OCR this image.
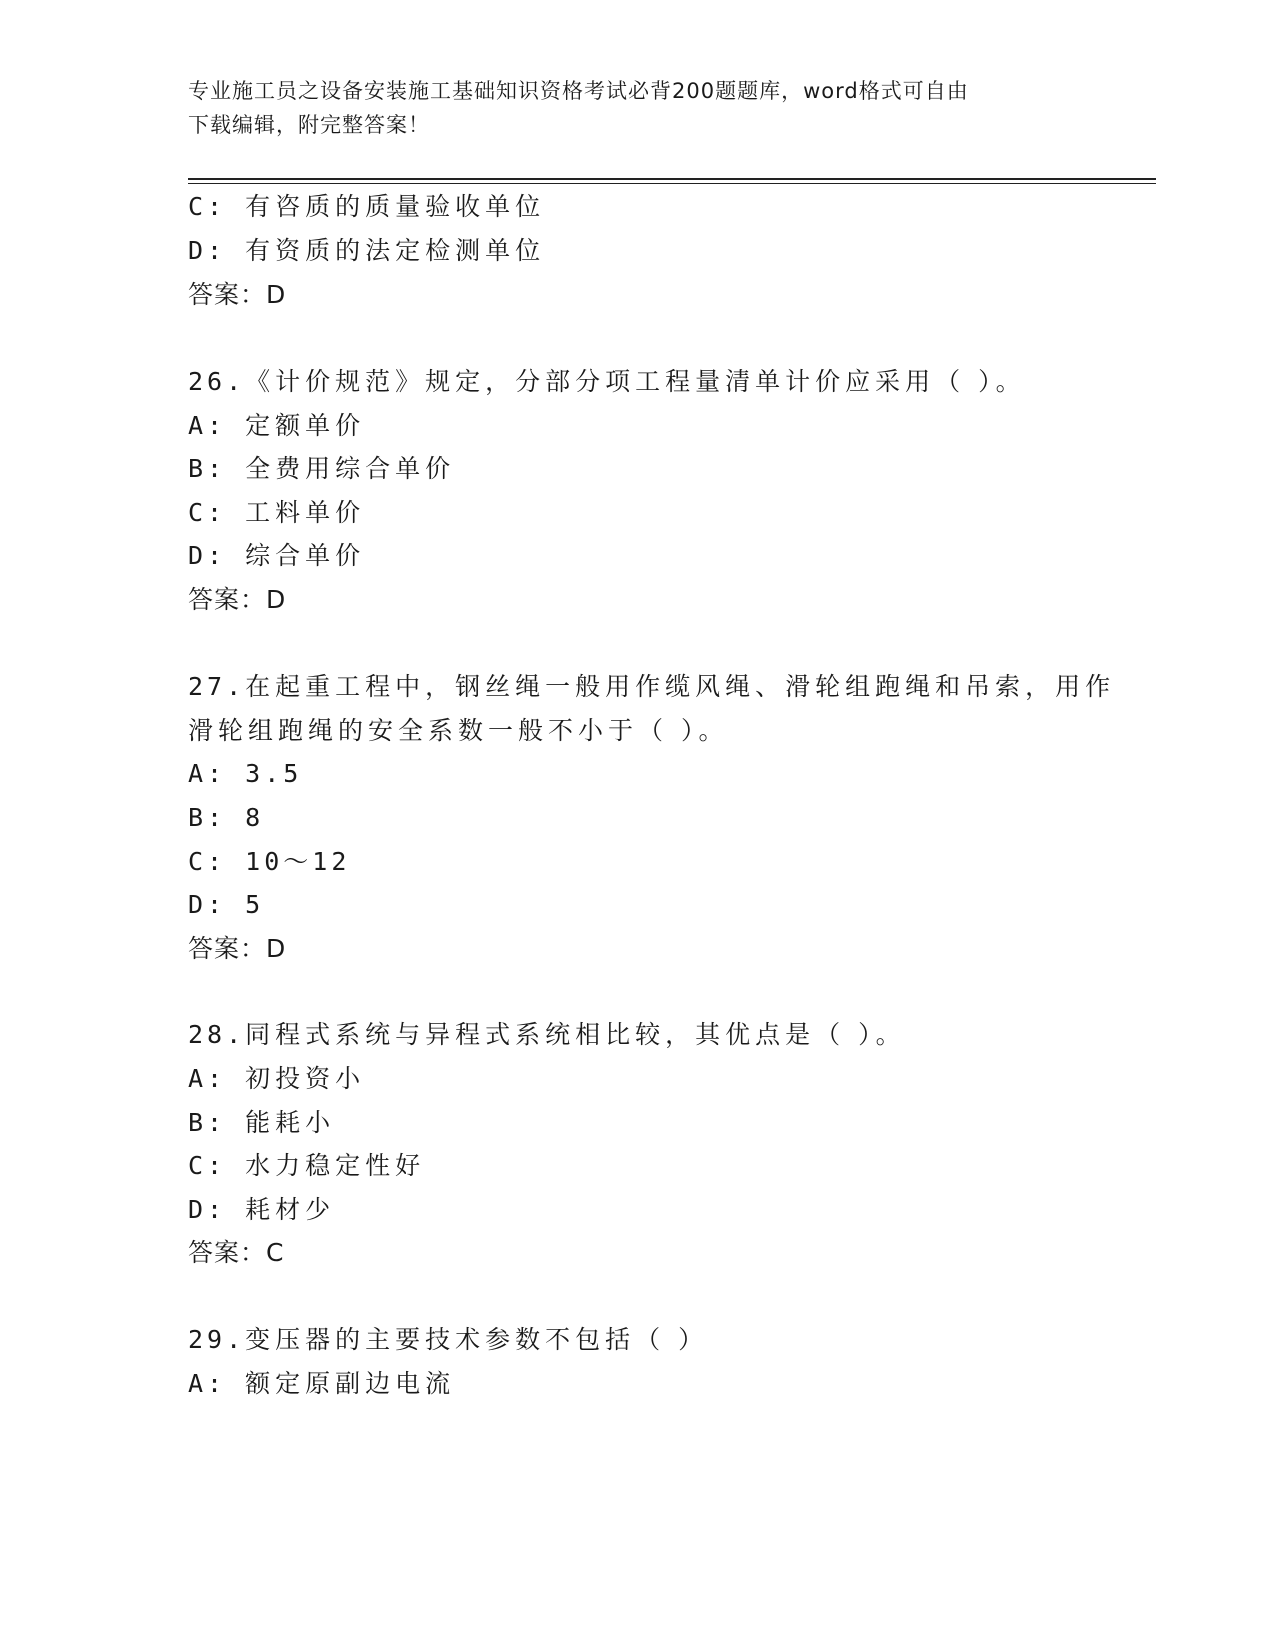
专业施工员之设备安装施工基础知识资格考试必背200题题库，word格式可自由
下载编辑，附完整答案！
C: 有咨质的质量验收单位
D: 有资质的法定检测单位
答案：D
26.《计价规范》规定，分部分项工程量清单计价应采用（ ）。
A: 定额单价
B: 全费用综合单价
C: 工料单价
D: 综合单价
答案：D
27.在起重工程中，钢丝绳一般用作缆风绳、滑轮组跑绳和吊索，用作
滑轮组跑绳的安全系数一般不小于（ ）。
A: 3.5
B: 8
C: 10～12
D: 5
答案：D
28.同程式系统与异程式系统相比较，其优点是（ ）。
A: 初投资小
B: 能耗小
C: 水力稳定性好
D: 耗材少
答案：C
29.变压器的主要技术参数不包括（ ）
A: 额定原副边电流
